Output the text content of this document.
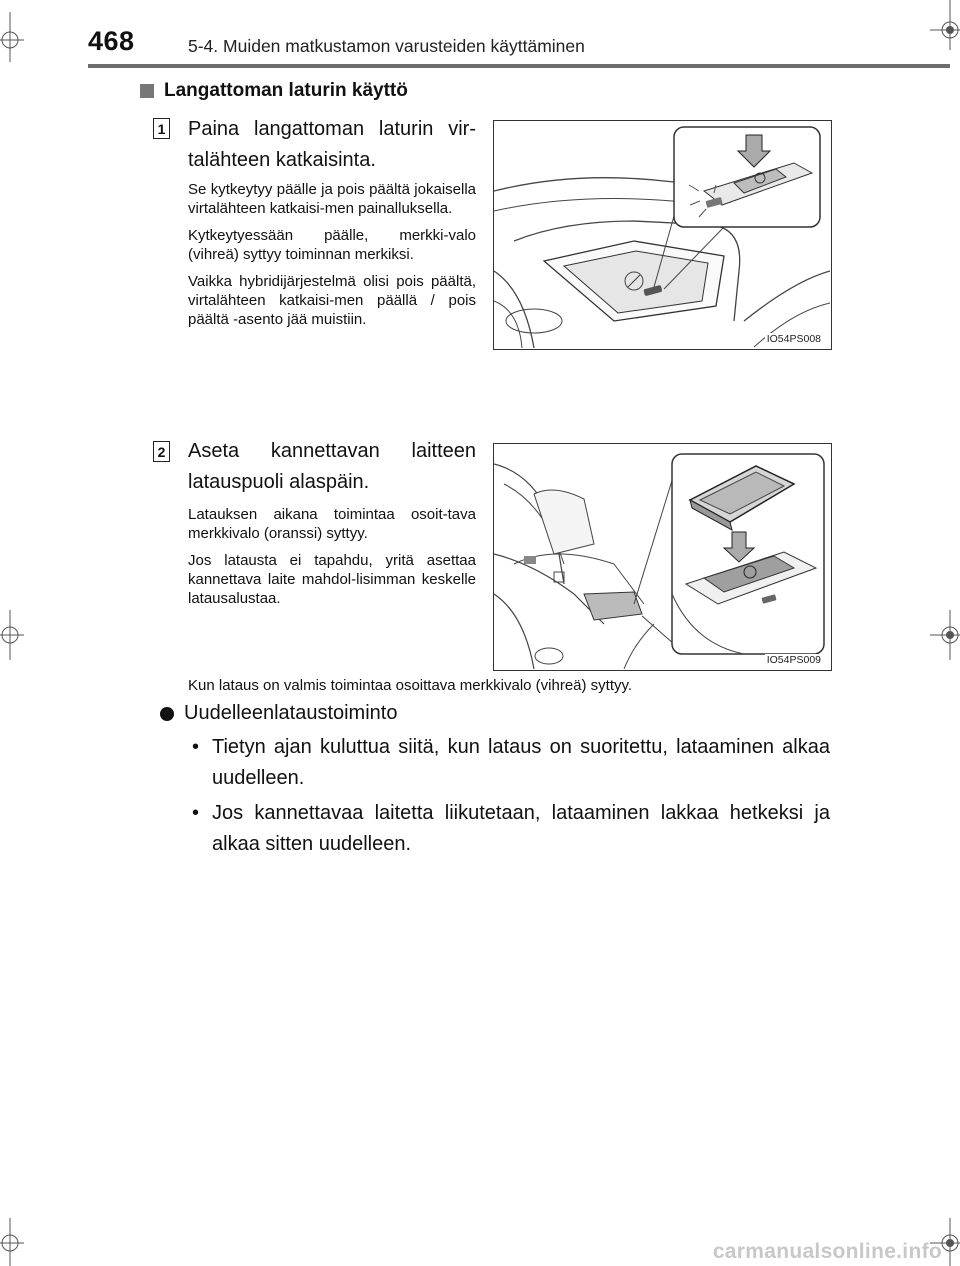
468	5-4. Muiden matkustamon varusteiden käyttäminen
Langattoman laturin käyttö
1 Paina langattoman laturin vir-talähteen katkaisinta.

Se kytkeytyy päälle ja pois päältä jokaisella virtalähteen katkaisi-men painalluksella.

Kytkeytyessään päälle, merkki-valo (vihreä) syttyy toiminnan merkiksi.

Vaikka hybridijärjestelmä olisi pois päältä, virtalähteen katkaisi-men päällä / pois päältä -asento jää muistiin.

IO54PS008
2 Aseta kannettavan laitteen latauspuoli alaspäin.

Latauksen aikana toimintaa osoit-tava merkkivalo (oranssi) syttyy.

Jos latausta ei tapahdu, yritä asettaa kannettava laite mahdol-lisimman keskelle latausalustaa.

IO54PS009
Kun lataus on valmis toimintaa osoittava merkkivalo (vihreä) syttyy.
Uudelleenlataustoiminto
• Tietyn ajan kuluttua siitä, kun lataus on suoritettu, lataaminen alkaa uudelleen.
• Jos kannettavaa laitetta liikutetaan, lataaminen lakkaa hetkeksi ja alkaa sitten uudelleen.
carmanualsonline.info
